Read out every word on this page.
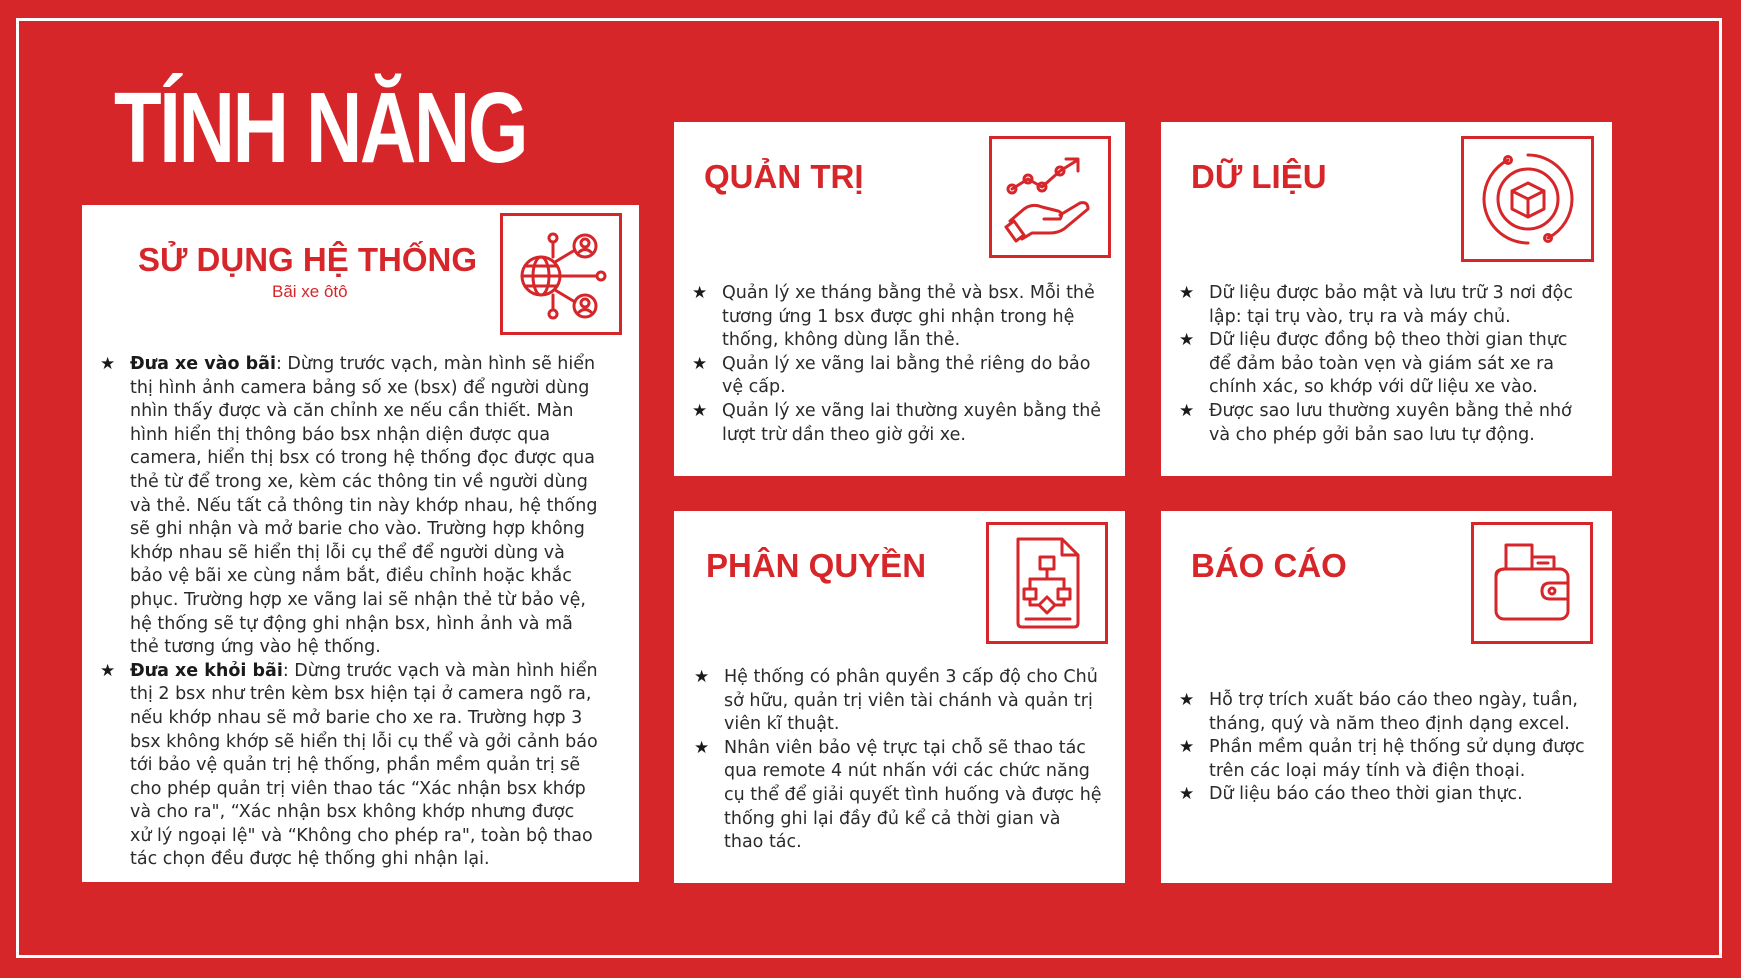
TÍNH NĂNG
SỬ DỤNG HỆ THỐNG

Bãi xe ôtô

★ Đưa xe vào bãi: Dừng trước vạch, màn hình sẽ hiển thị hình ảnh camera bảng số xe (bsx) để người dùng nhìn thấy được và căn chỉnh xe nếu cần thiết. Màn hình hiển thị thông báo bsx nhận diện được qua camera, hiển thị bsx có trong hệ thống đọc được qua thẻ từ để trong xe, kèm các thông tin về người dùng và thẻ. Nếu tất cả thông tin này khớp nhau, hệ thống sẽ ghi nhận và mở barie cho vào. Trường hợp không khớp nhau sẽ hiển thị lỗi cụ thể để người dùng và bảo vệ bãi xe cùng nắm bắt, điều chỉnh hoặc khắc phục. Trường hợp xe vãng lai sẽ nhận thẻ từ bảo vệ, hệ thống sẽ tự động ghi nhận bsx, hình ảnh và mã thẻ tương ứng vào hệ thống.
★ Đưa xe khỏi bãi: Dừng trước vạch và màn hình hiển thị 2 bsx như trên kèm bsx hiện tại ở camera ngõ ra, nếu khớp nhau sẽ mở barie cho xe ra. Trường hợp 3 bsx không khớp sẽ hiển thị lỗi cụ thể và gởi cảnh báo tới bảo vệ quản trị hệ thống, phần mềm quản trị sẽ cho phép quản trị viên thao tác “Xác nhận bsx khớp và cho ra", “Xác nhận bsx không khớp nhưng được xử lý ngoại lệ" và “Không cho phép ra", toàn bộ thao tác chọn đều được hệ thống ghi nhận lại.
QUẢN TRỊ
★ Quản lý xe tháng bằng thẻ và bsx. Mỗi thẻ tương ứng 1 bsx được ghi nhận trong hệ thống, không dùng lẫn thẻ.
★ Quản lý xe vãng lai bằng thẻ riêng do bảo vệ cấp.
★ Quản lý xe vãng lai thường xuyên bằng thẻ lượt trừ dần theo giờ gởi xe.
DỮ LIỆU
★ Dữ liệu được bảo mật và lưu trữ 3 nơi độc lập: tại trụ vào, trụ ra và máy chủ.
★ Dữ liệu được đồng bộ theo thời gian thực để đảm bảo toàn vẹn và giám sát xe ra chính xác, so khớp với dữ liệu xe vào.
★ Được sao lưu thường xuyên bằng thẻ nhớ và cho phép gởi bản sao lưu tự động.
PHÂN QUYỀN
★ Hệ thống có phân quyền 3 cấp độ cho Chủ sở hữu, quản trị viên tài chánh và quản trị viên kĩ thuật.
★ Nhân viên bảo vệ trực tại chỗ sẽ thao tác qua remote 4 nút nhấn với các chức năng cụ thể để giải quyết tình huống và được hệ thống ghi lại đầy đủ kể cả thời gian và thao tác.
BÁO CÁO
★ Hỗ trợ trích xuất báo cáo theo ngày, tuần, tháng, quý và năm theo định dạng excel.
★ Phần mềm quản trị hệ thống sử dụng được trên các loại máy tính và điện thoại.
★ Dữ liệu báo cáo theo thời gian thực.
